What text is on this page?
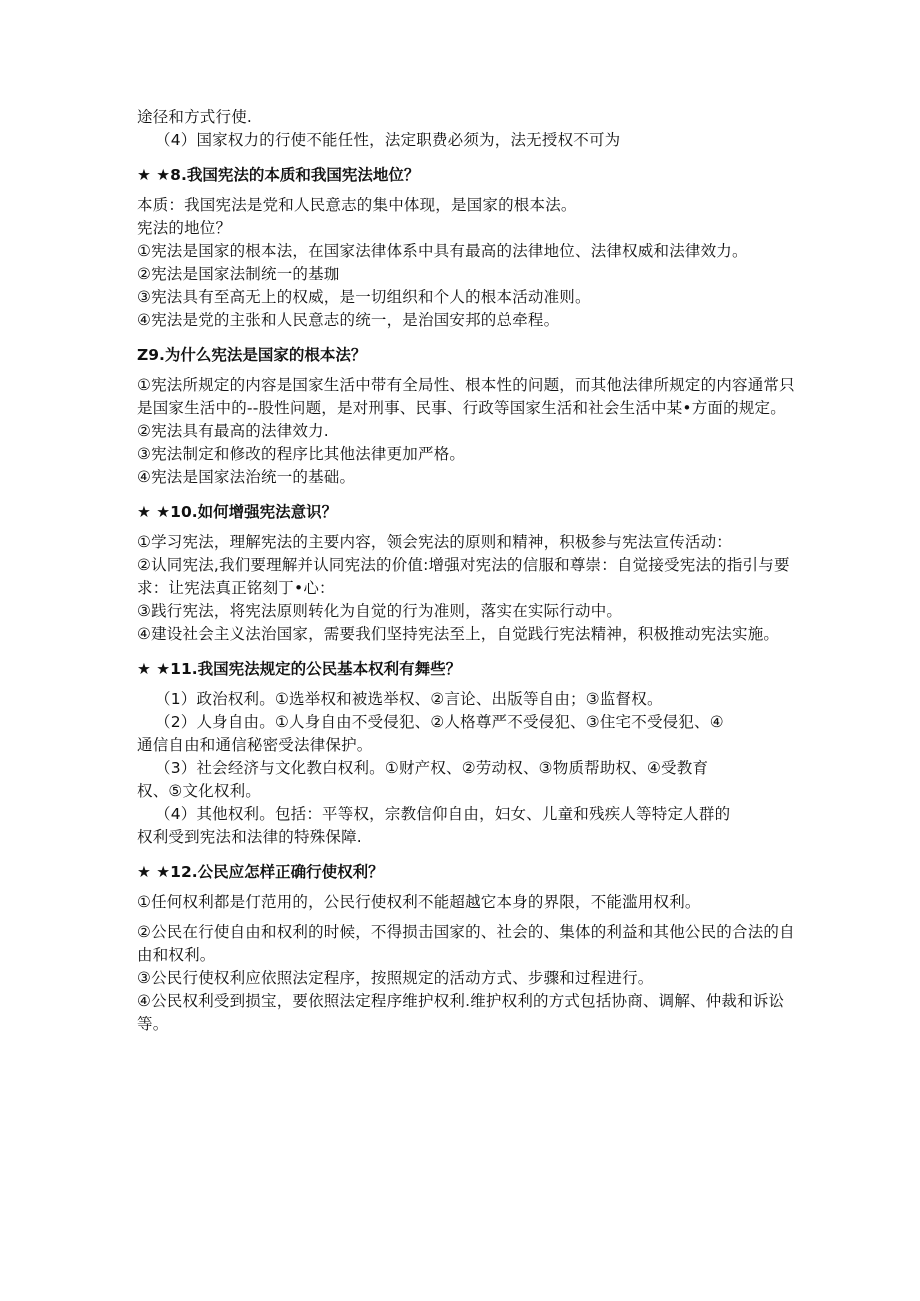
途径和方式行使.
（4）国家权力的行使不能任性，法定职费必须为，法无授权不可为
★ ★8.我国宪法的本质和我国宪法地位？
本质：我国宪法是党和人民意志的集中体现，是国家的根本法。
宪法的地位？
①宪法是国家的根本法，在国家法律体系中具有最高的法律地位、法律权威和法律效力。
②宪法是国家法制统一的基珈
③宪法具有至高无上的权威，是一切组织和个人的根本活动准则。
④宪法是党的主张和人民意志的统一，是治国安邦的总牵程。
Z9.为什么宪法是国家的根本法？
①宪法所规定的内容是国家生活中带有全局性、根本性的问题，而其他法律所规定的内容通常只是国家生活中的--股性问题，是对刑事、民事、行政等国家生活和社会生活中某•方面的规定。
②宪法具有最高的法律效力.
③宪法制定和修改的程序比其他法律更加严格。
④宪法是国家法治统一的基础。
★ ★10.如何增强宪法意识？
①学习宪法，理解宪法的主要内容，领会宪法的原则和精神，积极参与宪法宣传活动：
②认同宪法,我们要理解并认同宪法的价值:增强对宪法的信服和尊崇：自觉接受宪法的指引与要求：让宪法真正铭刻丁•心：
③践行宪法，将宪法原则转化为自觉的行为准则，落实在实际行动中。
④建设社会主义法治国家，需要我们坚持宪法至上，自觉践行宪法精神，积极推动宪法实施。
★ ★11.我国宪法规定的公民基本权利有舞些？
（1）政治权利。①选举权和被选举权、②言论、出版等自由；③监督权。
（2）人身自由。①人身自由不受侵犯、②人格尊严不受侵犯、③住宅不受侵犯、④
通信自由和通信秘密受法律保护。
（3）社会经济与文化教白权利。①财产权、②劳动权、③物质帮助权、④受教育
权、⑤文化权利。
（4）其他权利。包括：平等权，宗教信仰自由，妇女、儿童和残疾人等特定人群的
权利受到宪法和法律的特殊保障.
★ ★12.公民应怎样正确行使权利？
①任何权利都是仃范用的，公民行使权利不能超越它本身的界限，不能滥用权利。
②公民在行使自由和权利的时候，不得损击国家的、社会的、集体的利益和其他公民的合法的自由和权利。
③公民行使权利应依照法定程序，按照规定的活动方式、步骤和过程进行。
④公民权利受到损宝，要依照法定程序维护权利.维护权利的方式包括协商、调解、仲裁和诉讼等。
